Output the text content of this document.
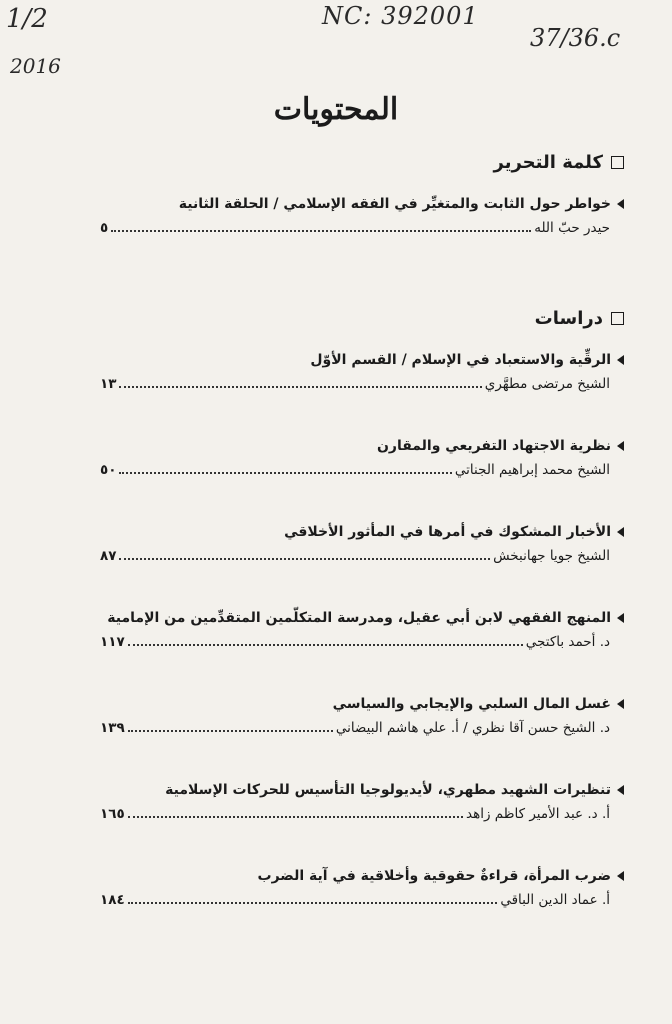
1/2
2016
NC: 392001
37/36.c
المحتويات
كلمة التحرير
خواطر حول الثابت والمتغيِّر في الفقه الإسلامي / الحلقة الثانية
حيدر حبّ الله
٥
دراسات
الرقِّية والاستعباد في الإسلام / القسم الأوّل
الشيخ مرتضى مطهَّري
١٣
نظرية الاجتهاد التفريعي والمقارن
الشيخ محمد إبراهيم الجناتي
٥٠
الأخبار المشكوك في أمرها في المأثور الأخلاقي
الشيخ جويا جهانبخش
٨٧
المنهج الفقهي لابن أبي عقيل، ومدرسة المتكلّمين المتقدِّمين من الإمامية
د. أحمد باكتجي
١١٧
غسل المال السلبي والإيجابي والسياسي
د. الشيخ حسن آقا نظري / أ. علي هاشم البيضاني
١٣٩
تنظيرات الشهيد مطهري، لأيديولوجيا التأسيس للحركات الإسلامية
أ. د. عبد الأمير كاظم زاهد
١٦٥
ضرب المرأة، قراءةٌ حقوقية وأخلاقية في آية الضرب
أ. عماد الدين الباقي
١٨٤
